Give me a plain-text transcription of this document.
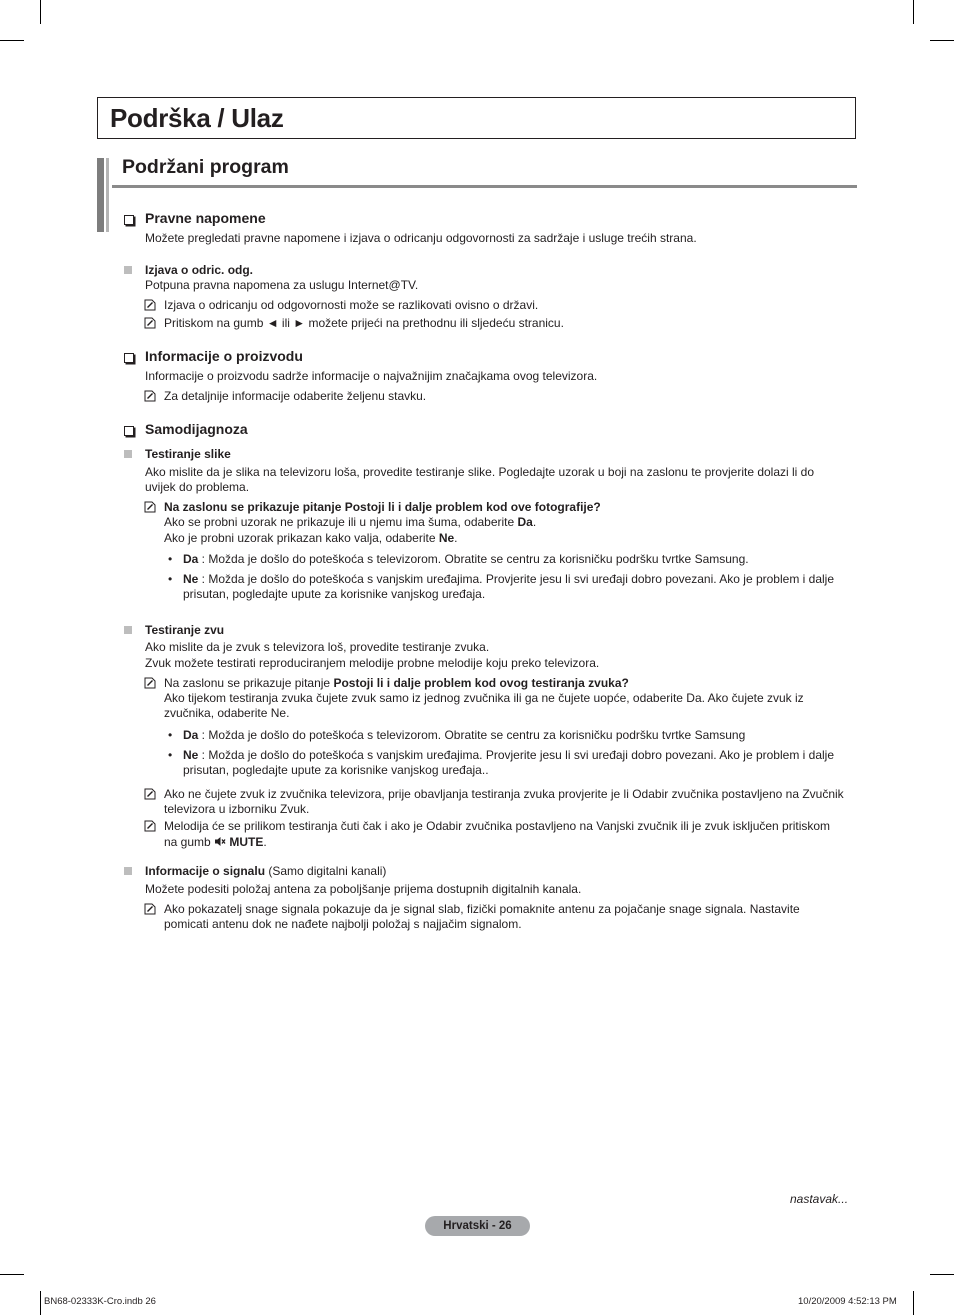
Podrška / Ulaz
Podržani program
Pravne napomene
Možete pregledati pravne napomene i izjava o odricanju odgovornosti za sadržaje i usluge trećih strana.
Izjava o odric. odg.
Potpuna pravna napomena za uslugu Internet@TV.
Izjava o odricanju od odgovornosti može se razlikovati ovisno o državi.
Pritiskom na gumb ◄ ili ► možete prijeći na prethodnu ili sljedeću stranicu.
Informacije o proizvodu
Informacije o proizvodu sadrže informacije o najvažnijim značajkama ovog televizora.
Za detaljnije informacije odaberite željenu stavku.
Samodijagnoza
Testiranje slike
Ako mislite da je slika na televizoru loša, provedite testiranje slike. Pogledajte uzorak u boji na zaslonu te provjerite dolazi li do
uvijek do problema.
Na zaslonu se prikazuje pitanje Postoji li i dalje problem kod ove fotografije?
Ako se probni uzorak ne prikazuje ili u njemu ima šuma, odaberite Da.
Ako je probni uzorak prikazan kako valja, odaberite Ne.
• Da : Možda je došlo do poteškoća s televizorom. Obratite se centru za korisničku podršku tvrtke Samsung.
• Ne : Možda je došlo do poteškoća s vanjskim uređajima. Provjerite jesu li svi uređaji dobro povezani. Ako je problem i dalje
prisutan, pogledajte upute za korisnike vanjskog uređaja.
Testiranje zvu
Ako mislite da je zvuk s televizora loš, provedite testiranje zvuka.
Zvuk možete testirati reproduciranjem melodije probne melodije koju preko televizora.
Na zaslonu se prikazuje pitanje Postoji li i dalje problem kod ovog testiranja zvuka?
Ako tijekom testiranja zvuka čujete zvuk samo iz jednog zvučnika ili ga ne čujete uopće, odaberite Da. Ako čujete zvuk iz
zvučnika, odaberite Ne.
• Da : Možda je došlo do poteškoća s televizorom. Obratite se centru za korisničku podršku tvrtke Samsung
• Ne : Možda je došlo do poteškoća s vanjskim uređajima. Provjerite jesu li svi uređaji dobro povezani. Ako je problem i dalje
prisutan, pogledajte upute za korisnike vanjskog uređaja..
Ako ne čujete zvuk iz zvučnika televizora, prije obavljanja testiranja zvuka provjerite je li Odabir zvučnika postavljeno na Zvučnik
televizora u izborniku Zvuk.
Melodija će se prilikom testiranja čuti čak i ako je Odabir zvučnika postavljeno na Vanjski zvučnik ili je zvuk isključen pritiskom
na gumb  MUTE.
Informacije o signalu (Samo digitalni kanali)
Možete podesiti položaj antena za poboljšanje prijema dostupnih digitalnih kanala.
Ako pokazatelj snage signala pokazuje da je signal slab, fizički pomaknite antenu za pojačanje snage signala. Nastavite
pomicati antenu dok ne nađete najbolji položaj s najjačim signalom.
nastavak...
Hrvatski - 26
BN68-02333K-Cro.indb 26	10/20/2009 4:52:13 PM
